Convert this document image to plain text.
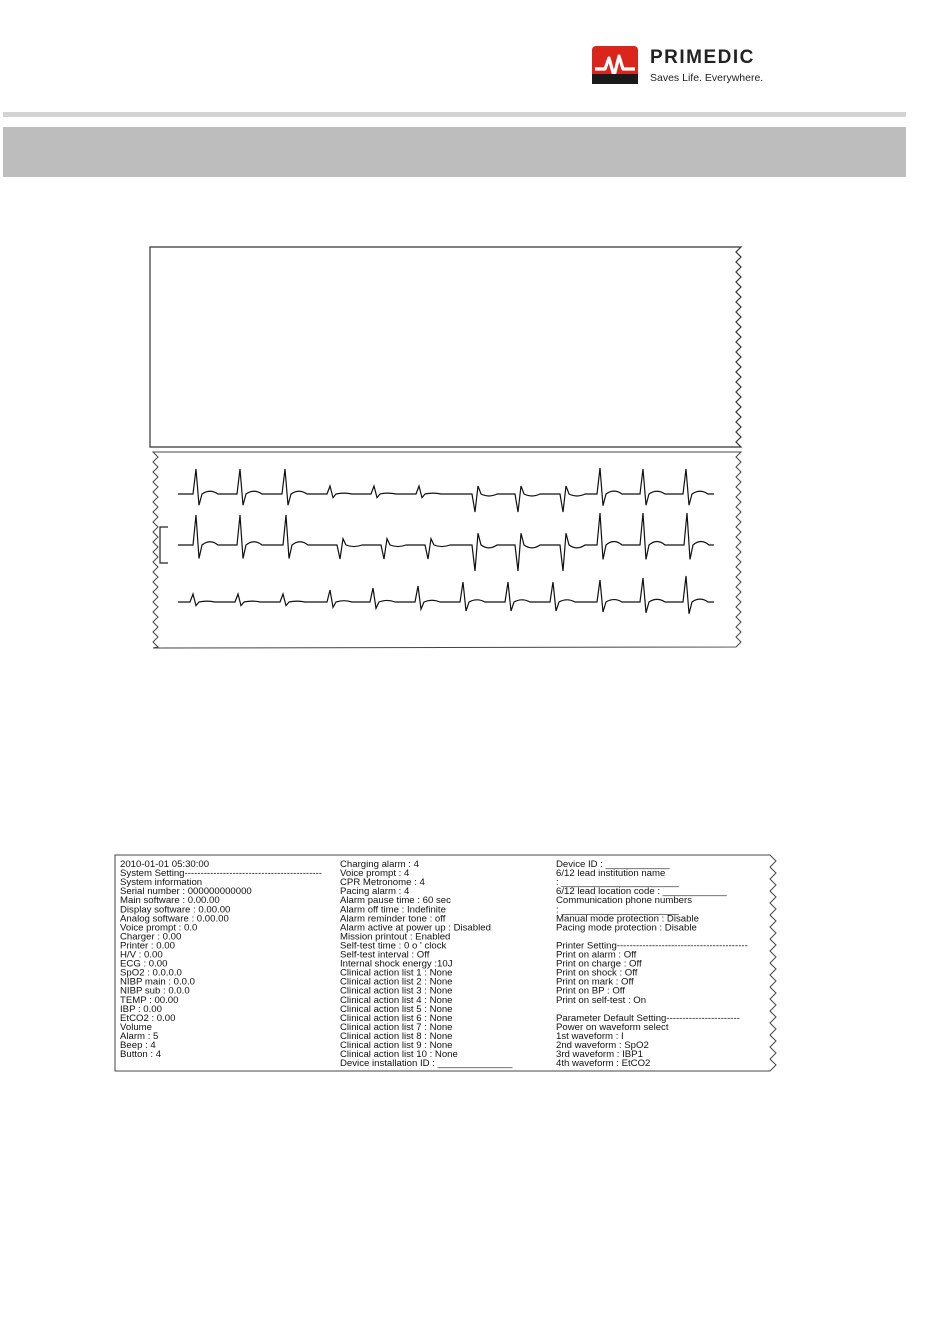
PRIMEDIC
Saves Life. Everywhere.
2010-01-01 05:30:00
System Setting-------------------------------------------
System information
Serial number : 000000000000
Main software : 0.00.00
Display software : 0.00.00
Analog software : 0.00.00
Voice prompt : 0.0
Charger : 0.00
Printer : 0.00
H/V : 0.00
ECG : 0.00
SpO2 : 0.0.0.0
NIBP main : 0.0.0
NIBP sub : 0.0.0
TEMP : 00.00
IBP : 0.00
EtCO2 : 0.00
Volume
Alarm : 5
Beep : 4
Button : 4
Charging alarm : 4
Voice prompt : 4
CPR Metronome : 4
Pacing alarm : 4
Alarm pause time : 60 sec
Alarm off time : Indefinite
Alarm reminder tone : off
Alarm active at power up : Disabled
Mission printout : Enabled
Self-test time : 0 o ' clock
Self-test interval : Off
Internal shock energy :10J
Clinical action list 1 : None
Clinical action list 2 : None
Clinical action list 3 : None
Clinical action list 4 : None
Clinical action list 5 : None
Clinical action list 6 : None
Clinical action list 7 : None
Clinical action list 8 : None
Clinical action list 9 : None
Clinical action list 10 : None
Device installation ID : ______________
Device ID : ____________
6/12 lead institution name
: ______________________
6/12 lead location code : ____________
Communication phone numbers
: ______________________
Manual mode protection : Disable
Pacing mode protection : Disable
Printer Setting-----------------------------------------
Print on alarm : Off
Print on charge : Off
Print on shock : Off
Print on mark : Off
Print on BP : Off
Print on self-test : On
Parameter Default Setting-----------------------
Power on waveform select
1st waveform : I
2nd waveform : SpO2
3rd waveform : IBP1
4th waveform : EtCO2
